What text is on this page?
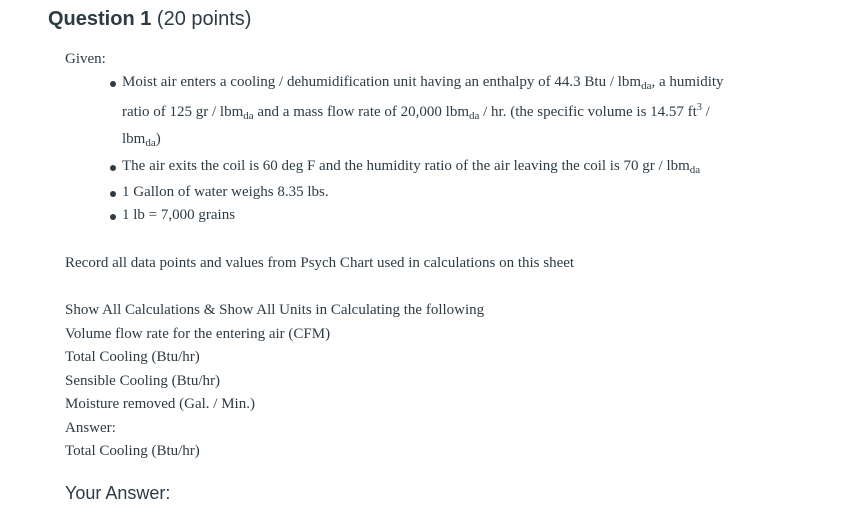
Question 1 (20 points)
Given:
Moist air enters a cooling / dehumidification unit having an enthalpy of 44.3 Btu / lbm$_{da}$, a humidity
ratio of 125 gr / lbm$_{da}$ and a mass flow rate of 20,000 lbm$_{da}$ / hr. (the specific volume is 14.57 $ft^3$ /
lbm$_{da}$)
The air exits the coil is 60 deg F and the humidity ratio of the air leaving the coil is 70 gr / lbm$_{da}$
1 Gallon of water weighs 8.35 lbs.
1 lb = 7,000 grains
Record all data points and values from Psych Chart used in calculations on this sheet
Show All Calculations & Show All Units in Calculating the following
Volume flow rate for the entering air (CFM)
Total Cooling (Btu/hr)
Sensible Cooling (Btu/hr)
Moisture removed (Gal. / Min.)
Answer:
Total Cooling (Btu/hr)
Your Answer:
